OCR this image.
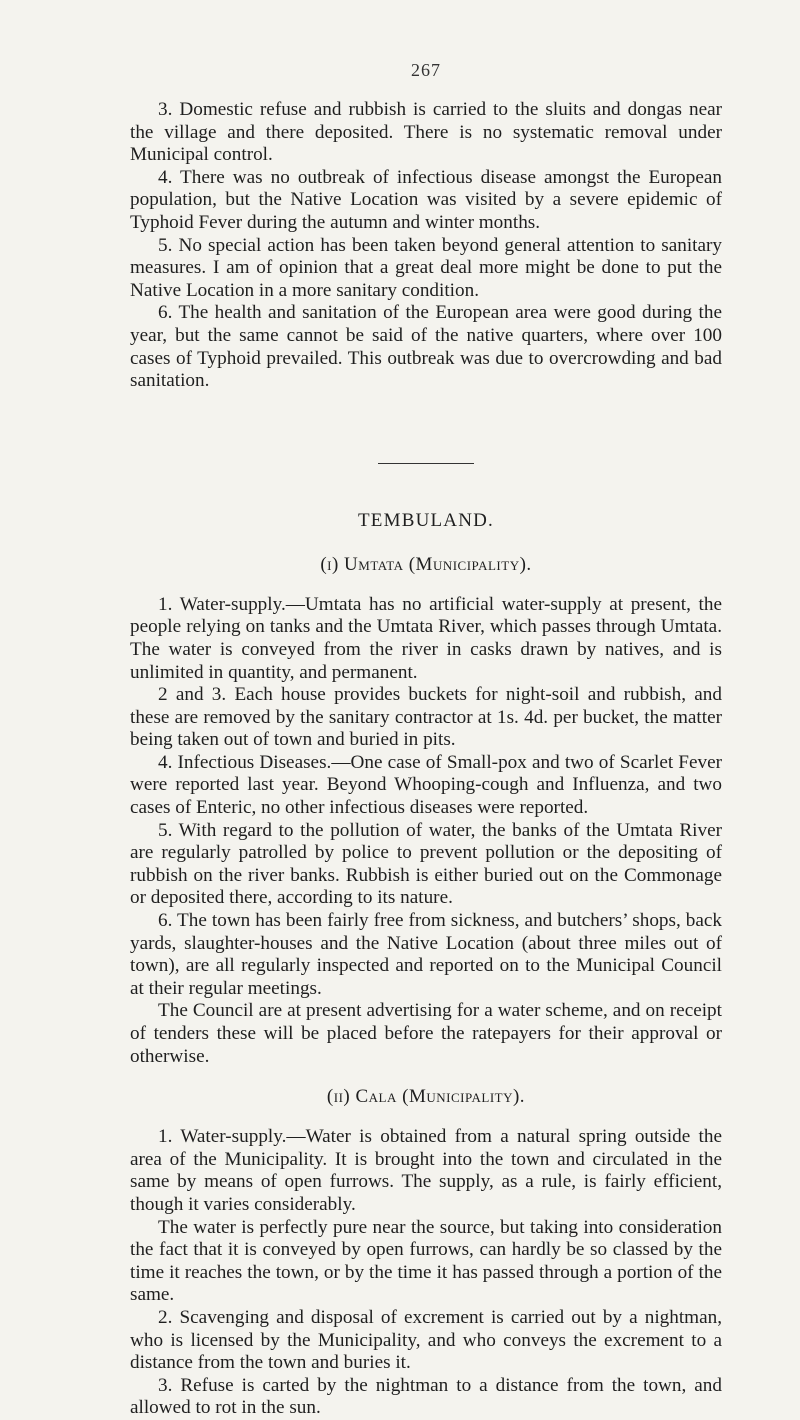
267

3. Domestic refuse and rubbish is carried to the sluits and dongas near the village and there deposited. There is no systematic removal under Municipal control.

4. There was no outbreak of infectious disease amongst the European population, but the Native Location was visited by a severe epidemic of Typhoid Fever during the autumn and winter months.

5. No special action has been taken beyond general attention to sanitary measures. I am of opinion that a great deal more might be done to put the Native Location in a more sanitary condition.

6. The health and sanitation of the European area were good during the year, but the same cannot be said of the native quarters, where over 100 cases of Typhoid prevailed. This outbreak was due to overcrowding and bad sanitation.

TEMBULAND.
(i) Umtata (Municipality).

1. Water-supply.—Umtata has no artificial water-supply at present, the people relying on tanks and the Umtata River, which passes through Umtata. The water is conveyed from the river in casks drawn by natives, and is unlimited in quantity, and permanent.

2 and 3. Each house provides buckets for night-soil and rubbish, and these are removed by the sanitary contractor at 1s. 4d. per bucket, the matter being taken out of town and buried in pits.

4. Infectious Diseases.—One case of Small-pox and two of Scarlet Fever were reported last year. Beyond Whooping-cough and Influenza, and two cases of Enteric, no other infectious diseases were reported.

5. With regard to the pollution of water, the banks of the Umtata River are regularly patrolled by police to prevent pollution or the depositing of rubbish on the river banks. Rubbish is either buried out on the Commonage or deposited there, according to its nature.

6. The town has been fairly free from sickness, and butchers’ shops, back yards, slaughter-houses and the Native Location (about three miles out of town), are all regularly inspected and reported on to the Municipal Council at their regular meetings.

The Council are at present advertising for a water scheme, and on receipt of tenders these will be placed before the ratepayers for their approval or otherwise.

(ii) Cala (Municipality).

1. Water-supply.—Water is obtained from a natural spring outside the area of the Municipality. It is brought into the town and circulated in the same by means of open furrows. The supply, as a rule, is fairly efficient, though it varies considerably.

The water is perfectly pure near the source, but taking into consideration the fact that it is conveyed by open furrows, can hardly be so classed by the time it reaches the town, or by the time it has passed through a portion of the same.

2. Scavenging and disposal of excrement is carried out by a nightman, who is licensed by the Municipality, and who conveys the excrement to a distance from the town and buries it.

3. Refuse is carted by the nightman to a distance from the town, and allowed to rot in the sun.
